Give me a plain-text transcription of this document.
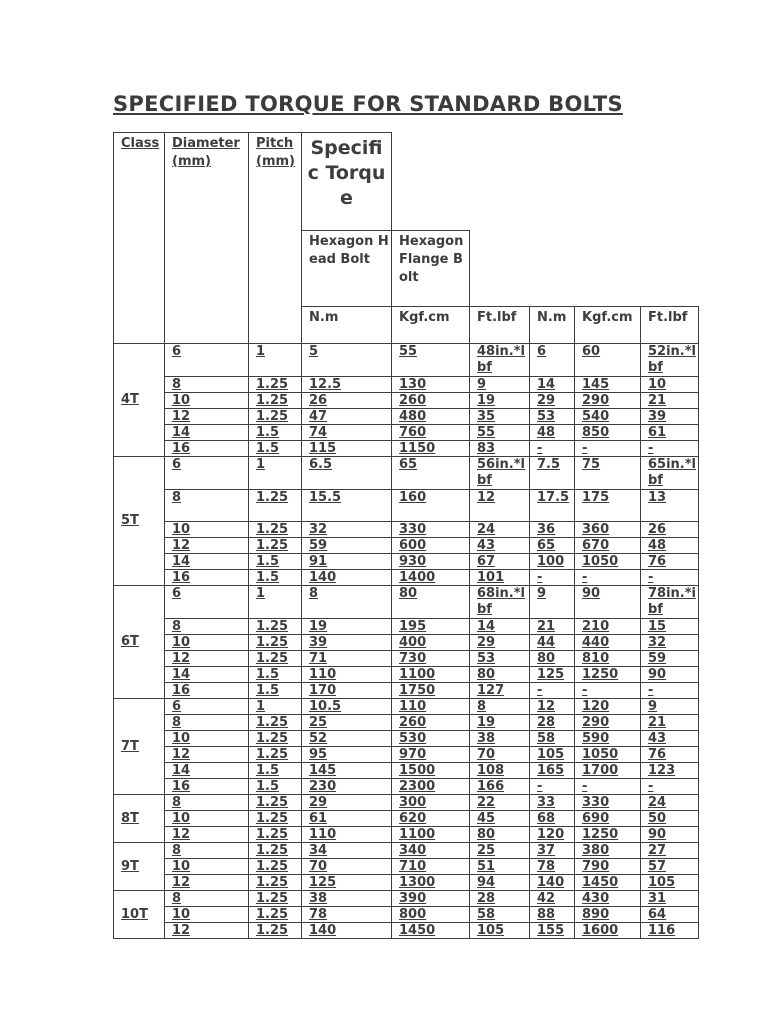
SPECIFIED TORQUE FOR STANDARD BOLTS
Class	Diameter (mm)	Pitch (mm)	Specific Torque					
			Hexagon Head Bolt	Hexagon Flange Bolt				
			N.m	Kgf.cm	Ft.lbf	N.m	Kgf.cm	Ft.lbf
4T	6	1	5	55	48in.*lbf	6	60	52in.*lbf
	8	1.25	12.5	130	9	14	145	10
	10	1.25	26	260	19	29	290	21
	12	1.25	47	480	35	53	540	39
	14	1.5	74	760	55	48	850	61
	16	1.5	115	1150	83	-	-	-
5T	6	1	6.5	65	56in.*lbf	7.5	75	65in.*lbf
	8	1.25	15.5	160	12	17.5	175	13
	10	1.25	32	330	24	36	360	26
	12	1.25	59	600	43	65	670	48
	14	1.5	91	930	67	100	1050	76
	16	1.5	140	1400	101	-	-	-
6T	6	1	8	80	68in.*lbf	9	90	78in.*ibf
	8	1.25	19	195	14	21	210	15
	10	1.25	39	400	29	44	440	32
	12	1.25	71	730	53	80	810	59
	14	1.5	110	1100	80	125	1250	90
	16	1.5	170	1750	127	-	-	-
7T	6	1	10.5	110	8	12	120	9
	8	1.25	25	260	19	28	290	21
	10	1.25	52	530	38	58	590	43
	12	1.25	95	970	70	105	1050	76
	14	1.5	145	1500	108	165	1700	123
	16	1.5	230	2300	166	-	-	-
8T	8	1.25	29	300	22	33	330	24
	10	1.25	61	620	45	68	690	50
	12	1.25	110	1100	80	120	1250	90
9T	8	1.25	34	340	25	37	380	27
	10	1.25	70	710	51	78	790	57
	12	1.25	125	1300	94	140	1450	105
10T	8	1.25	38	390	28	42	430	31
	10	1.25	78	800	58	88	890	64
	12	1.25	140	1450	105	155	1600	116
